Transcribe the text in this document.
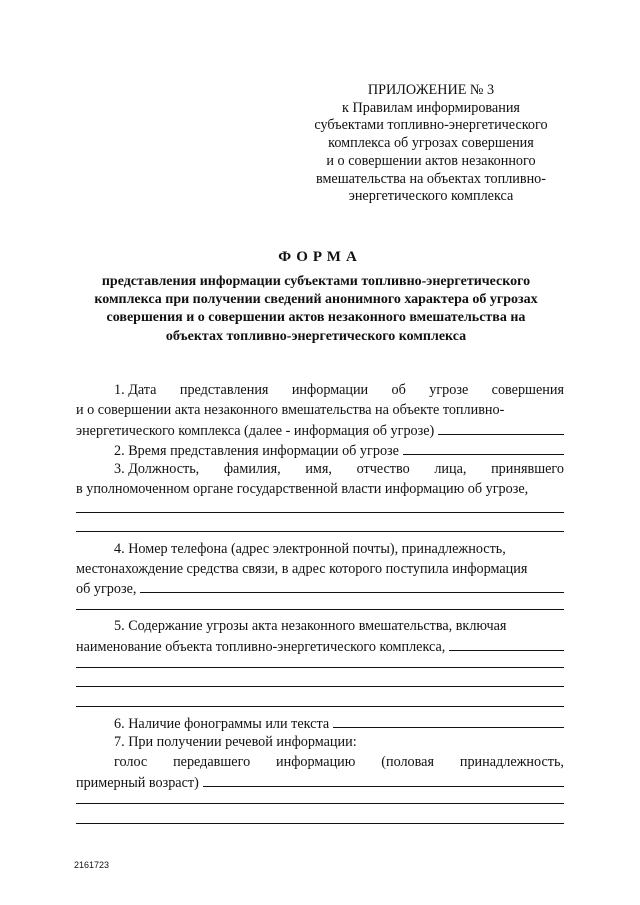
ПРИЛОЖЕНИЕ № 3
к Правилам информирования
субъектами топливно-энергетического
комплекса об угрозах совершения
и о совершении актов незаконного
вмешательства на объектах топливно-
энергетического комплекса
ФОРМА
представления информации субъектами топливно-энергетического
комплекса при получении сведений анонимного характера об угрозах
совершения и о совершении актов незаконного вмешательства на
объектах топливно-энергетического комплекса
1. Дата представления информации об угрозе совершения
и о совершении акта незаконного вмешательства на объекте топливно-
энергетического комплекса (далее - информация об угрозе)
2. Время представления информации об угрозе
3. Должность, фамилия, имя, отчество лица, принявшего
в уполномоченном органе государственной власти информацию об угрозе,
4. Номер телефона (адрес электронной почты), принадлежность,
местонахождение средства связи, в адрес которого поступила информация
об угрозе,
5. Содержание угрозы акта незаконного вмешательства, включая
наименование объекта топливно-энергетического комплекса,
6. Наличие фонограммы или текста
7. При получении речевой информации:
голос передавшего информацию (половая принадлежность,
примерный возраст)
2161723
